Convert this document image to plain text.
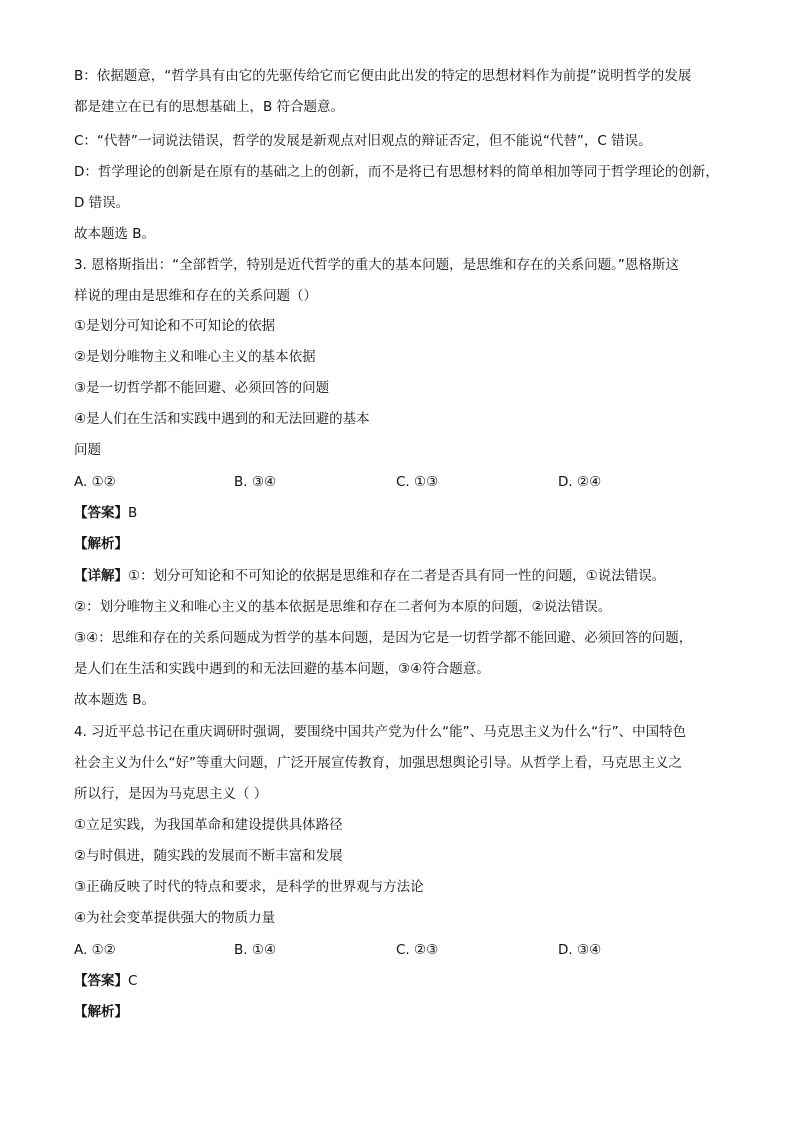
B：依据题意，“哲学具有由它的先驱传给它而它便由此出发的特定的思想材料作为前提”说明哲学的发展
都是建立在已有的思想基础上，B 符合题意。
C：“代替”一词说法错误，哲学的发展是新观点对旧观点的辩证否定，但不能说“代替”，C 错误。
D：哲学理论的创新是在原有的基础之上的创新，而不是将已有思想材料的简单相加等同于哲学理论的创新，
D 错误。
故本题选 B。
3. 恩格斯指出：“全部哲学，特别是近代哲学的重大的基本问题，是思维和存在的关系问题。”恩格斯这
样说的理由是思维和存在的关系问题（）
①是划分可知论和不可知论的依据
②是划分唯物主义和唯心主义的基本依据
③是一切哲学都不能回避、必须回答的问题
④是人们在生活和实践中遇到的和无法回避的基本
问题
A. ①②	B. ③④	C. ①③	D. ②④
【答案】B
【解析】
【详解】①：划分可知论和不可知论的依据是思维和存在二者是否具有同一性的问题，①说法错误。
②：划分唯物主义和唯心主义的基本依据是思维和存在二者何为本原的问题，②说法错误。
③④：思维和存在的关系问题成为哲学的基本问题，是因为它是一切哲学都不能回避、必须回答的问题，
是人们在生活和实践中遇到的和无法回避的基本问题，③④符合题意。
故本题选 B。
4. 习近平总书记在重庆调研时强调，要围绕中国共产党为什么“能”、马克思主义为什么“行”、中国特色
社会主义为什么“好”等重大问题，广泛开展宣传教育，加强思想舆论引导。从哲学上看，马克思主义之
所以行，是因为马克思主义（ ）
①立足实践，为我国革命和建设提供具体路径
②与时俱进，随实践的发展而不断丰富和发展
③正确反映了时代的特点和要求，是科学的世界观与方法论
④为社会变革提供强大的物质力量
A. ①②	B. ①④	C. ②③	D. ③④
【答案】C
【解析】
